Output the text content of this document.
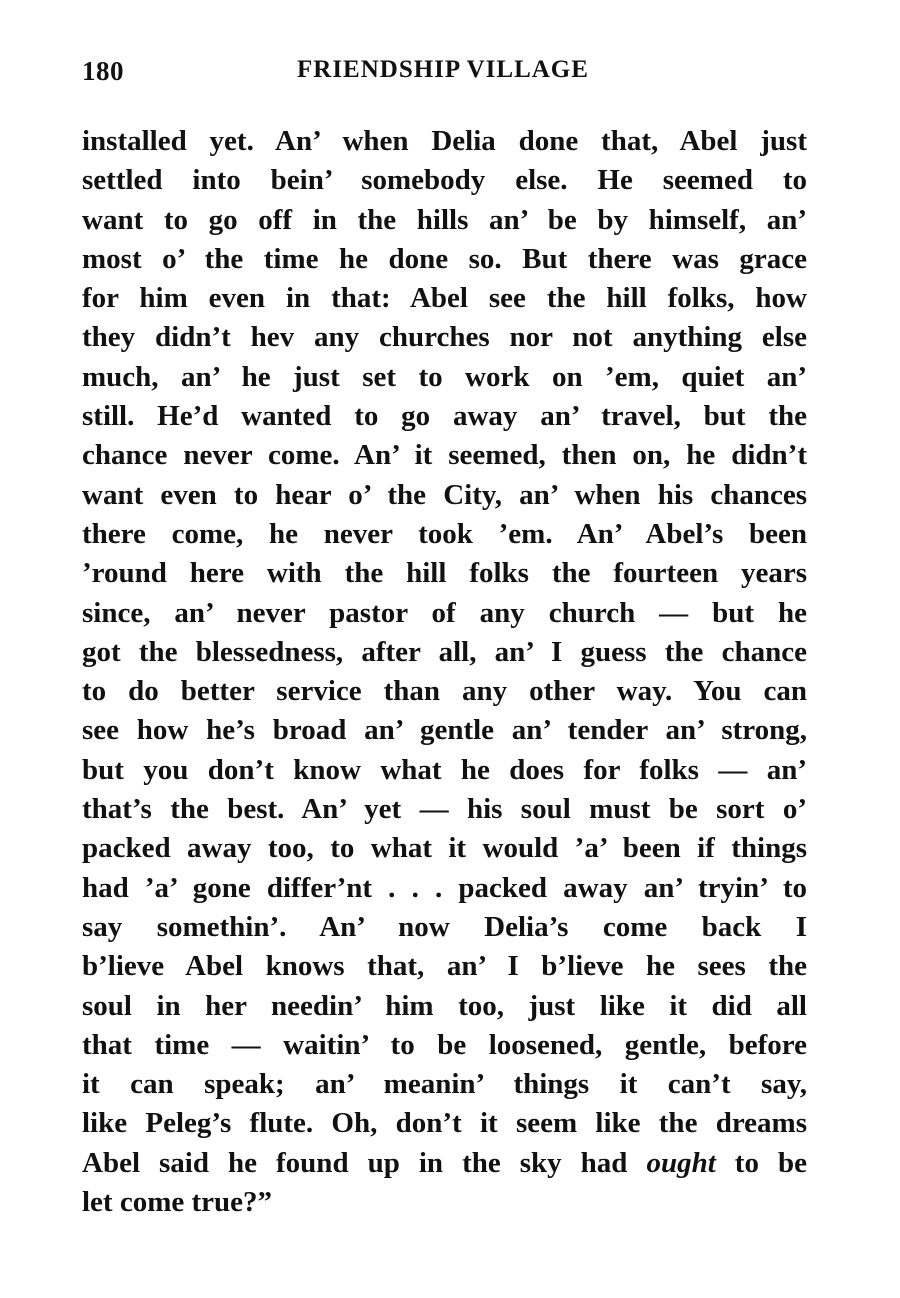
180	FRIENDSHIP VILLAGE
installed yet. An’ when Delia done that, Abel just
settled into bein’ somebody else. He seemed to
want to go off in the hills an’ be by himself, an’
most o’ the time he done so. But there was grace
for him even in that: Abel see the hill folks, how
they didn’t hev any churches nor not anything else
much, an’ he just set to work on ’em, quiet an’
still. He’d wanted to go away an’ travel, but the
chance never come. An’ it seemed, then on, he didn’t
want even to hear o’ the City, an’ when his chances
there come, he never took ’em. An’ Abel’s been
’round here with the hill folks the fourteen years
since, an’ never pastor of any church — but he
got the blessedness, after all, an’ I guess the chance
to do better service than any other way. You can
see how he’s broad an’ gentle an’ tender an’ strong,
but you don’t know what he does for folks — an’
that’s the best. An’ yet — his soul must be sort o’
packed away too, to what it would ’a’ been if things
had ’a’ gone differ’nt . . . packed away an’ tryin’ to
say somethin’. An’ now Delia’s come back I
b’lieve Abel knows that, an’ I b’lieve he sees the
soul in her needin’ him too, just like it did all
that time — waitin’ to be loosened, gentle, before
it can speak; an’ meanin’ things it can’t say,
like Peleg’s flute. Oh, don’t it seem like the dreams
Abel said he found up in the sky had ought to be
let come true?”
